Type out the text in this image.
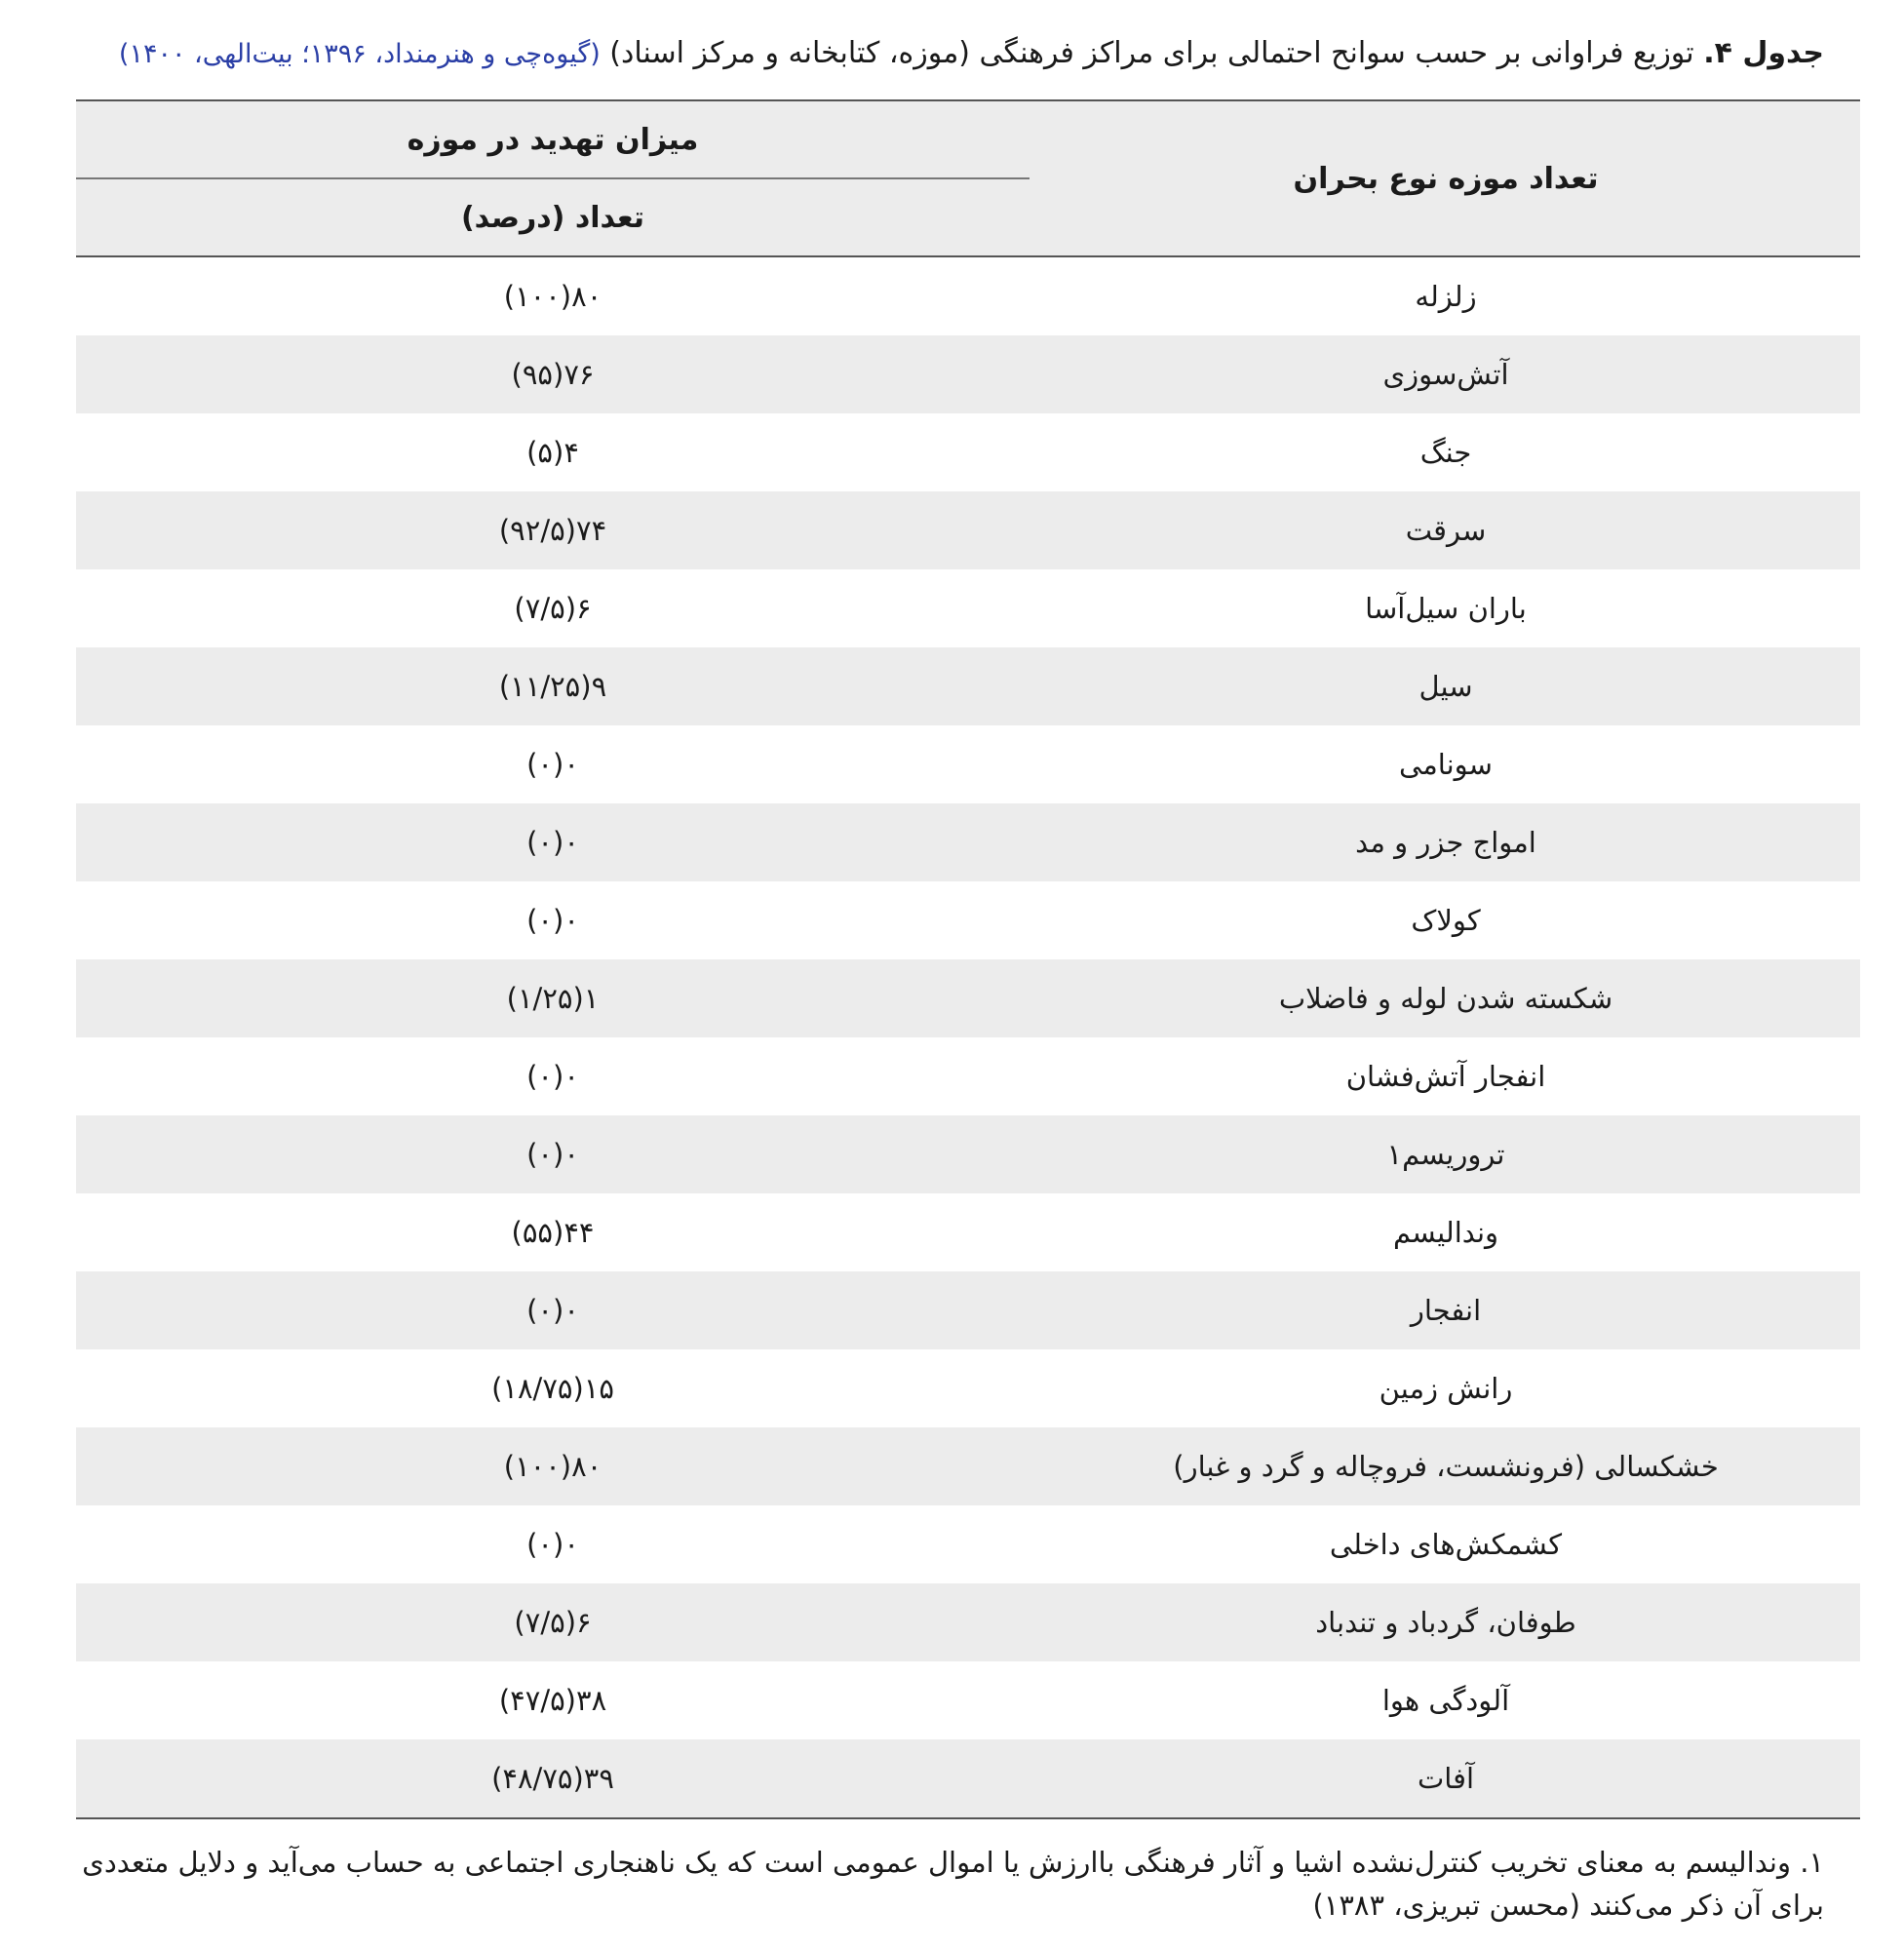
جدول ۴. توزیع فراوانی بر حسب سوانح احتمالی برای مراکز فرهنگی (موزه، کتابخانه و مرکز اسناد) (گیوه‌چی و هنرمنداد، ۱۳۹۶؛ بیت‌الهی، ۱۴۰۰)
تعداد موزه نوع بحران
میزان تهدید در موزه
تعداد (درصد)
زلزله
۸۰(۱۰۰)
آتش‌سوزی
۷۶(۹۵)
جنگ
۴(۵)
سرقت
۷۴(۹۲/۵)
باران سیل‌آسا
۶(۷/۵)
سیل
۹(۱۱/۲۵)
سونامی
۰(۰)
امواج جزر و مد
۰(۰)
کولاک
۰(۰)
شکسته شدن لوله و فاضلاب
۱(۱/۲۵)
انفجار آتش‌فشان
۰(۰)
تروریسم۱
۰(۰)
وندالیسم
۴۴(۵۵)
انفجار
۰(۰)
رانش زمین
۱۵(۱۸/۷۵)
خشکسالی (فرونشست، فروچاله و گرد و غبار)
۸۰(۱۰۰)
کشمکش‌های داخلی
۰(۰)
طوفان، گردباد و تندباد
۶(۷/۵)
آلودگی هوا
۳۸(۴۷/۵)
آفات
۳۹(۴۸/۷۵)
۱. وندالیسم به معنای تخریب کنترل‌نشده اشیا و آثار فرهنگی باارزش یا اموال عمومی است که یک ناهنجاری اجتماعی به حساب می‌آید و دلایل متعددی برای آن ذکر می‌کنند (محسن تبریزی، ۱۳۸۳)
